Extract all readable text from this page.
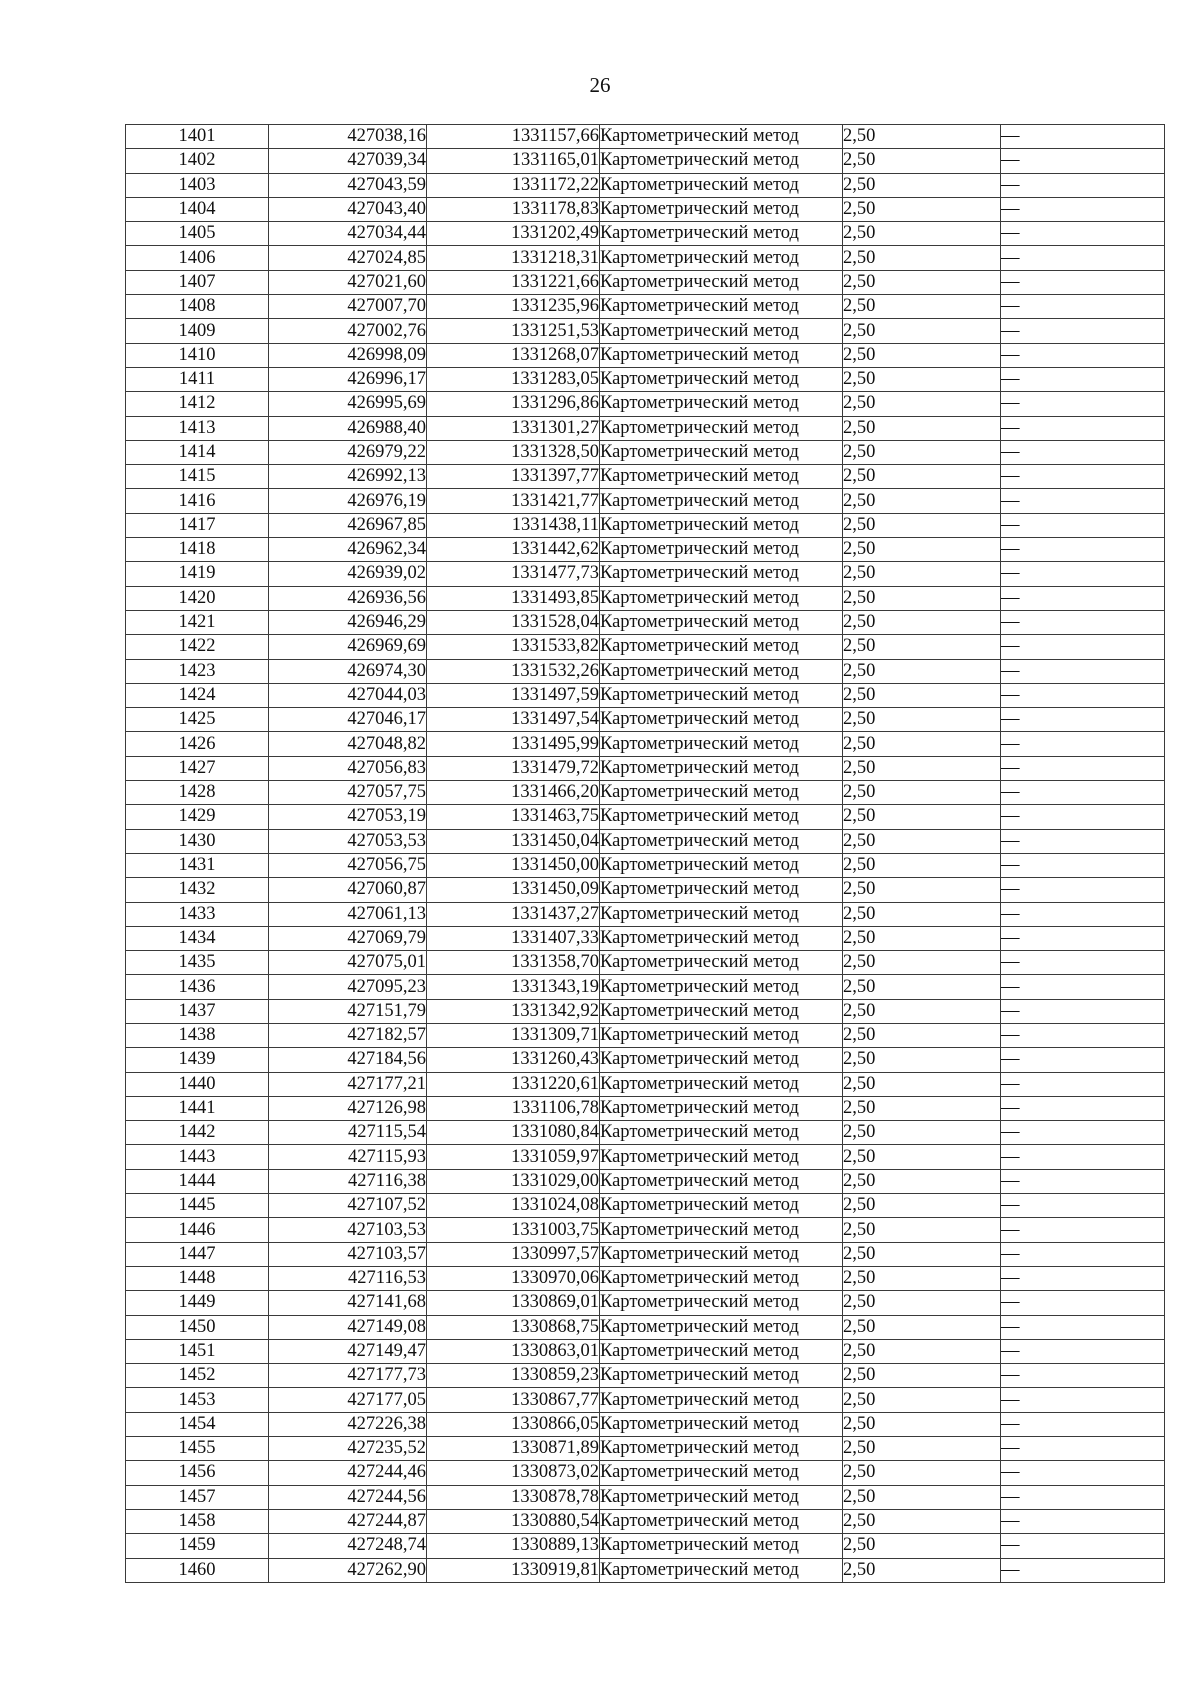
26
1401	427038,16	1331157,66	Картометрический метод	2,50	—
1402	427039,34	1331165,01	Картометрический метод	2,50	—
1403	427043,59	1331172,22	Картометрический метод	2,50	—
1404	427043,40	1331178,83	Картометрический метод	2,50	—
1405	427034,44	1331202,49	Картометрический метод	2,50	—
1406	427024,85	1331218,31	Картометрический метод	2,50	—
1407	427021,60	1331221,66	Картометрический метод	2,50	—
1408	427007,70	1331235,96	Картометрический метод	2,50	—
1409	427002,76	1331251,53	Картометрический метод	2,50	—
1410	426998,09	1331268,07	Картометрический метод	2,50	—
1411	426996,17	1331283,05	Картометрический метод	2,50	—
1412	426995,69	1331296,86	Картометрический метод	2,50	—
1413	426988,40	1331301,27	Картометрический метод	2,50	—
1414	426979,22	1331328,50	Картометрический метод	2,50	—
1415	426992,13	1331397,77	Картометрический метод	2,50	—
1416	426976,19	1331421,77	Картометрический метод	2,50	—
1417	426967,85	1331438,11	Картометрический метод	2,50	—
1418	426962,34	1331442,62	Картометрический метод	2,50	—
1419	426939,02	1331477,73	Картометрический метод	2,50	—
1420	426936,56	1331493,85	Картометрический метод	2,50	—
1421	426946,29	1331528,04	Картометрический метод	2,50	—
1422	426969,69	1331533,82	Картометрический метод	2,50	—
1423	426974,30	1331532,26	Картометрический метод	2,50	—
1424	427044,03	1331497,59	Картометрический метод	2,50	—
1425	427046,17	1331497,54	Картометрический метод	2,50	—
1426	427048,82	1331495,99	Картометрический метод	2,50	—
1427	427056,83	1331479,72	Картометрический метод	2,50	—
1428	427057,75	1331466,20	Картометрический метод	2,50	—
1429	427053,19	1331463,75	Картометрический метод	2,50	—
1430	427053,53	1331450,04	Картометрический метод	2,50	—
1431	427056,75	1331450,00	Картометрический метод	2,50	—
1432	427060,87	1331450,09	Картометрический метод	2,50	—
1433	427061,13	1331437,27	Картометрический метод	2,50	—
1434	427069,79	1331407,33	Картометрический метод	2,50	—
1435	427075,01	1331358,70	Картометрический метод	2,50	—
1436	427095,23	1331343,19	Картометрический метод	2,50	—
1437	427151,79	1331342,92	Картометрический метод	2,50	—
1438	427182,57	1331309,71	Картометрический метод	2,50	—
1439	427184,56	1331260,43	Картометрический метод	2,50	—
1440	427177,21	1331220,61	Картометрический метод	2,50	—
1441	427126,98	1331106,78	Картометрический метод	2,50	—
1442	427115,54	1331080,84	Картометрический метод	2,50	—
1443	427115,93	1331059,97	Картометрический метод	2,50	—
1444	427116,38	1331029,00	Картометрический метод	2,50	—
1445	427107,52	1331024,08	Картометрический метод	2,50	—
1446	427103,53	1331003,75	Картометрический метод	2,50	—
1447	427103,57	1330997,57	Картометрический метод	2,50	—
1448	427116,53	1330970,06	Картометрический метод	2,50	—
1449	427141,68	1330869,01	Картометрический метод	2,50	—
1450	427149,08	1330868,75	Картометрический метод	2,50	—
1451	427149,47	1330863,01	Картометрический метод	2,50	—
1452	427177,73	1330859,23	Картометрический метод	2,50	—
1453	427177,05	1330867,77	Картометрический метод	2,50	—
1454	427226,38	1330866,05	Картометрический метод	2,50	—
1455	427235,52	1330871,89	Картометрический метод	2,50	—
1456	427244,46	1330873,02	Картометрический метод	2,50	—
1457	427244,56	1330878,78	Картометрический метод	2,50	—
1458	427244,87	1330880,54	Картометрический метод	2,50	—
1459	427248,74	1330889,13	Картометрический метод	2,50	—
1460	427262,90	1330919,81	Картометрический метод	2,50	—
